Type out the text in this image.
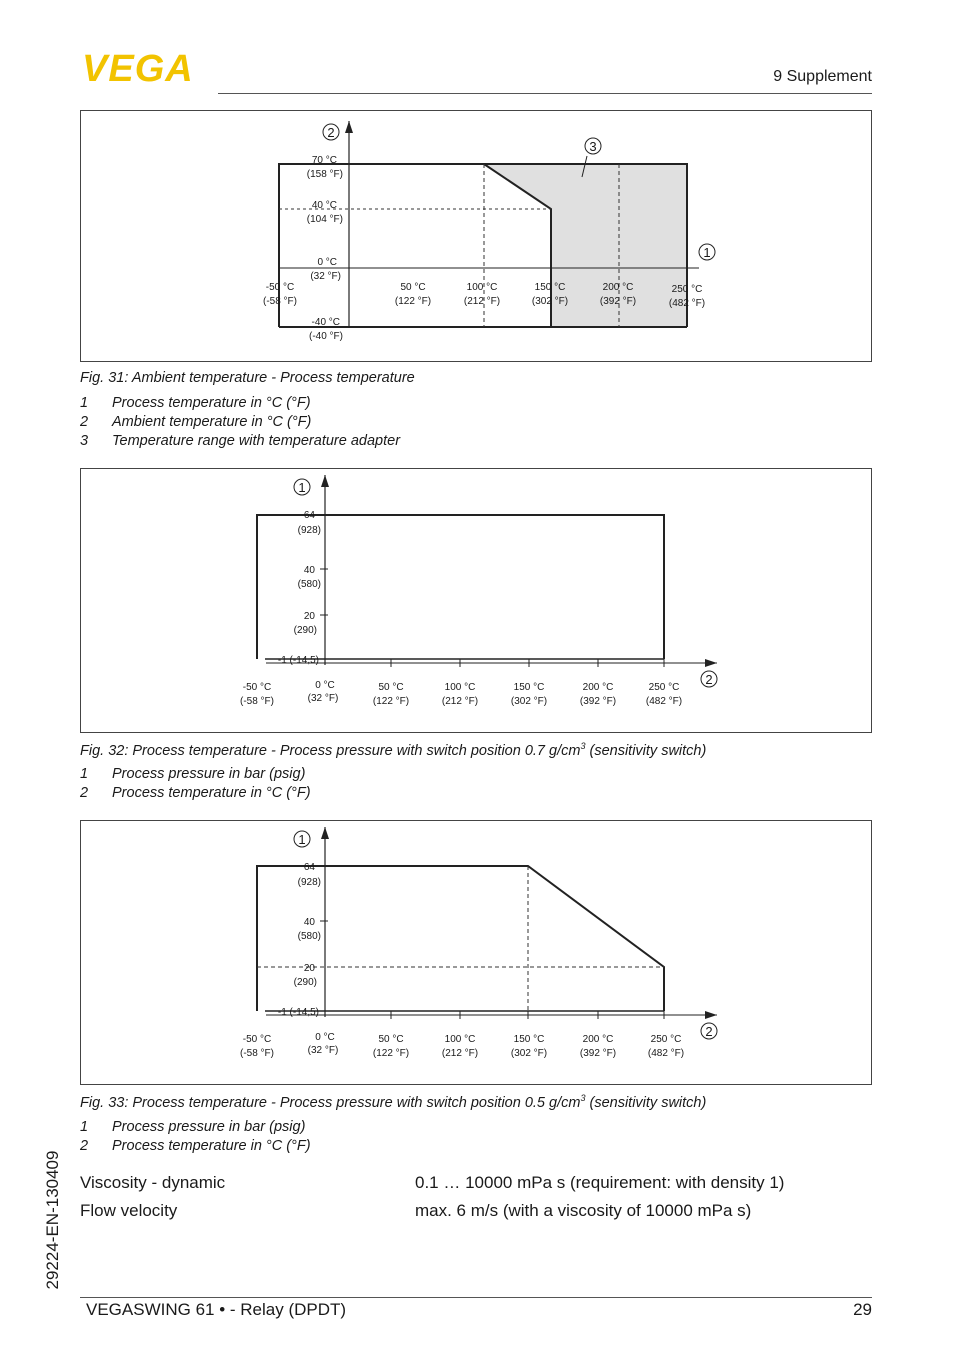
VEGA	9 Supplement
70 °C
(158 °F)
40 °C
(104 °F)
0 °C
(32 °F)
-40 °C
(-40 °F)
-50 °C
(-58 °F)
50 °C
(122 °F)
100 °C
(212 °F)
150 °C
(302 °F)
200 °C
(392 °F)
250 °C
(482 °F)
1
2
3
Fig. 31: Ambient temperature - Process temperature
1 Process temperature in °C (°F)
2 Ambient temperature in °C (°F)
3 Temperature range with temperature adapter
64
(928)
40
(580)
20
(290)
-1 (-14,5)
-50 °C
(-58 °F)
0 °C
(32 °F)
50 °C
(122 °F)
100 °C
(212 °F)
150 °C
(302 °F)
200 °C
(392 °F)
250 °C
(482 °F)
1
2
Fig. 32: Process temperature - Process pressure with switch position 0.7 $g/cm^3$ (sensitivity switch)
1 Process pressure in bar (psig)
2 Process temperature in °C (°F)
64
(928)
40
(580)
20
(290)
-1 (-14,5)
-50 °C
(-58 °F)
0 °C
(32 °F)
50 °C
(122 °F)
100 °C
(212 °F)
150 °C
(302 °F)
200 °C
(392 °F)
250 °C
(482 °F)
1
2
Fig. 33: Process temperature - Process pressure with switch position 0.5 $g/cm^3$ (sensitivity switch)
1 Process pressure in bar (psig)
2 Process temperature in °C (°F)
Viscosity - dynamic	0.1 … 10000 mPa s (requirement: with density 1)
Flow velocity	max. 6 m/s (with a viscosity of 10000 mPa s)
29224-EN-130409
VEGASWING 61 • - Relay (DPDT)	29
